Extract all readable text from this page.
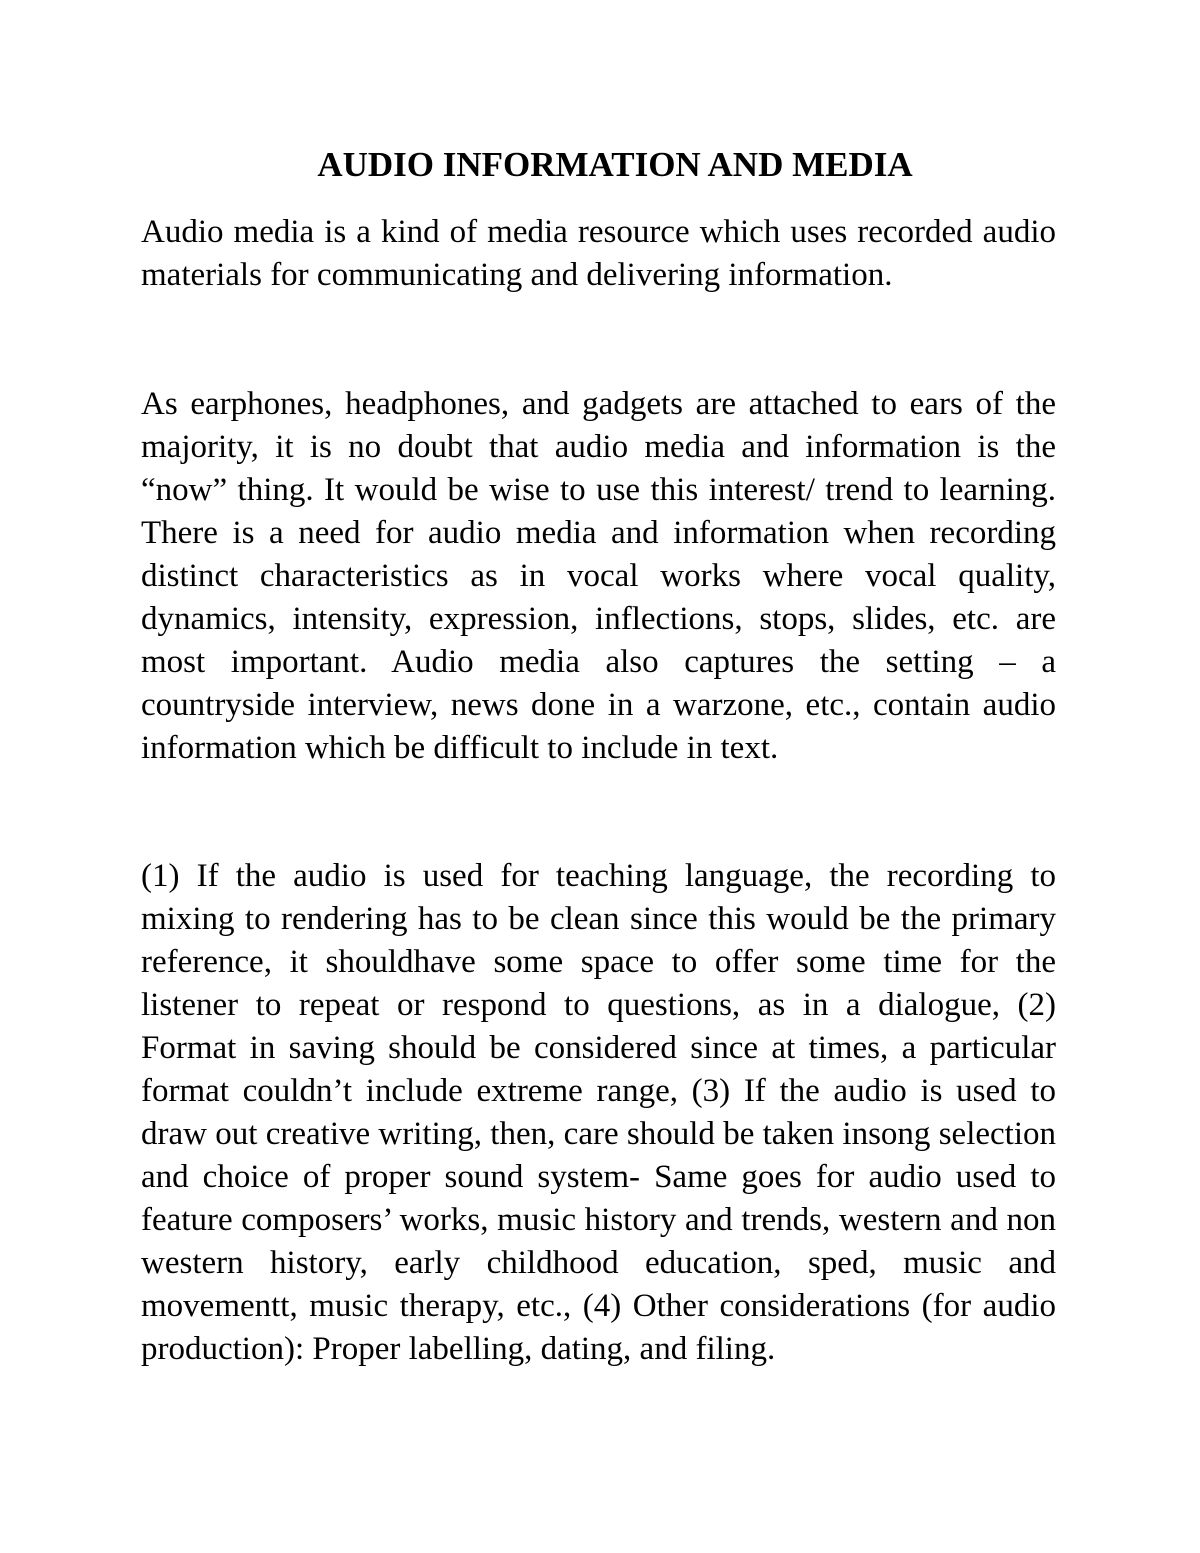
AUDIO INFORMATION AND MEDIA

Audio media is a kind of media resource which uses recorded audio materials for communicating and delivering information.

As earphones, headphones, and gadgets are attached to ears of the majority, it is no doubt that audio media and information is the “now” thing. It would be wise to use this interest/ trend to learning. There is a need for audio media and information when recording distinct characteristics as in vocal works where vocal quality, dynamics, intensity, expression, inflections, stops, slides, etc. are most important. Audio media also captures the setting – a countryside interview, news done in a warzone, etc., contain audio information which be difficult to include in text.

(1) If the audio is used for teaching language, the recording to mixing to rendering has to be clean since this would be the primary reference, it shouldhave some space to offer some time for the listener to repeat or respond to questions, as in a dialogue, (2) Format in saving should be considered since at times, a particular format couldn’t include extreme range, (3) If the audio is used to draw out creative writing, then, care should be taken insong selection and choice of proper sound system- Same goes for audio used to feature composers’ works, music history and trends, western and non western history, early childhood education, sped, music and movementt, music therapy, etc., (4) Other considerations (for audio production): Proper labelling, dating, and filing.
